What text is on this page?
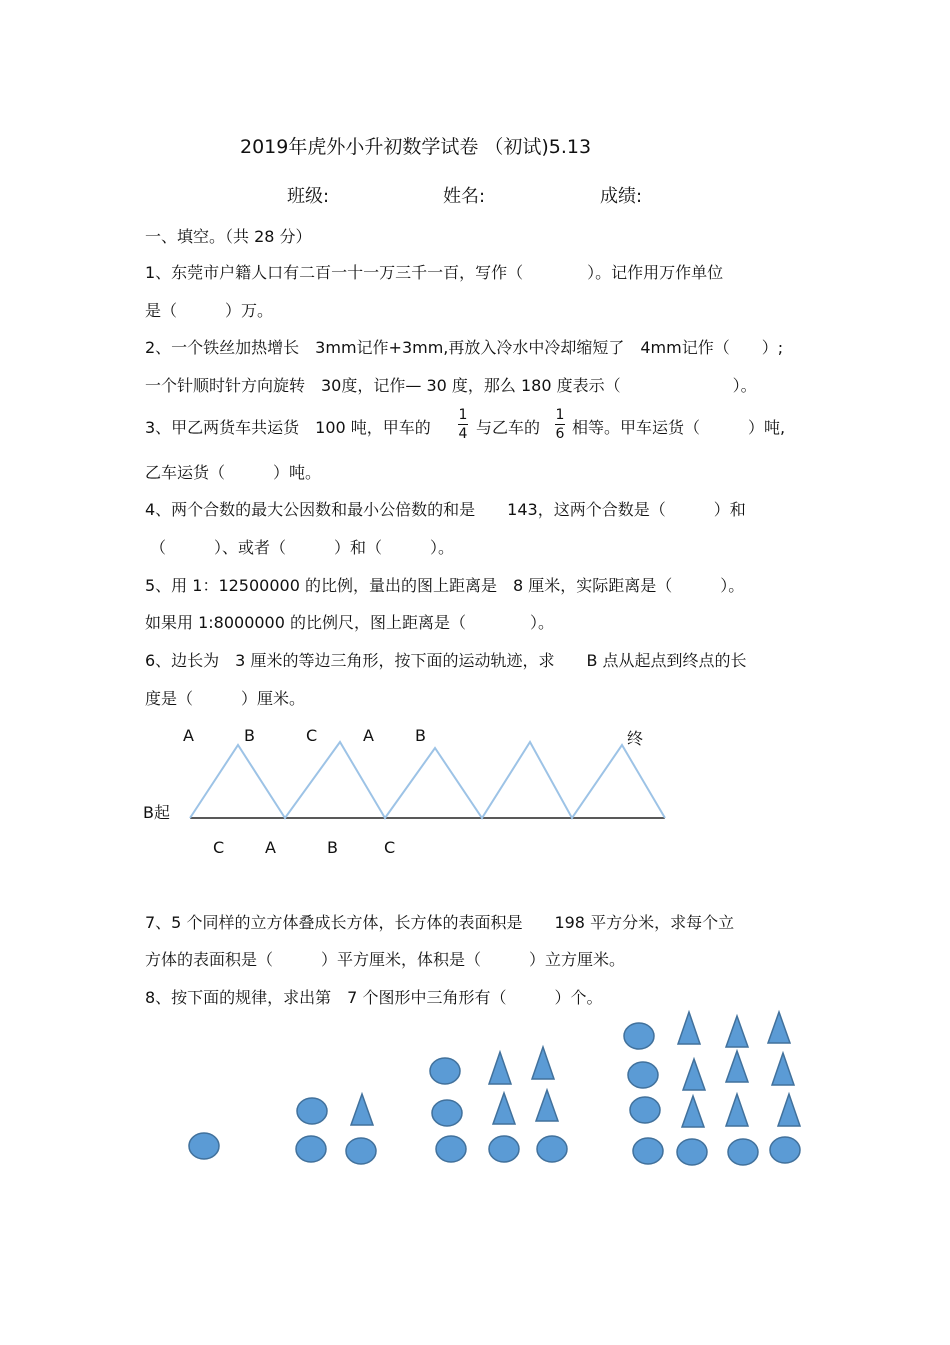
2019年虎外小升初数学试卷 （初试)5.13
班级:	姓名:	成绩:
一、填空。（共 28 分）
1、东莞市户籍人口有二百一十一万三千一百，写作（　　　　）。记作用万作单位
是（　　　）万。
2、一个铁丝加热增长　3mm记作+3mm,再放入冷水中冷却缩短了　4mm记作（　　）;
一个针顺时针方向旋转　30度，记作— 30 度，那么 180 度表示（　　　　　　　）。
3、甲乙两货车共运货　100 吨，甲车的
1
4 与乙车的
1
6 相等。甲车运货（　　　）吨,
乙车运货（　　　）吨。
4、两个合数的最大公因数和最小公倍数的和是　　143，这两个合数是（　　　）和
（　　　）、或者（　　　）和（　　　）。
5、用 1：12500000 的比例，量出的图上距离是　8 厘米，实际距离是（　　　）。
如果用 1:8000000 的比例尺，图上距离是（　　　　）。
6、边长为　3 厘米的等边三角形，按下面的运动轨迹，求　　B 点从起点到终点的长
度是（　　　）厘米。
A	B	C	A	B	终
B起
C	A	B	C
7、5 个同样的立方体叠成长方体，长方体的表面积是　　198 平方分米，求每个立
方体的表面积是（　　　）平方厘米，体积是（　　　）立方厘米。
8、按下面的规律，求出第　7 个图形中三角形有（　　　）个。
